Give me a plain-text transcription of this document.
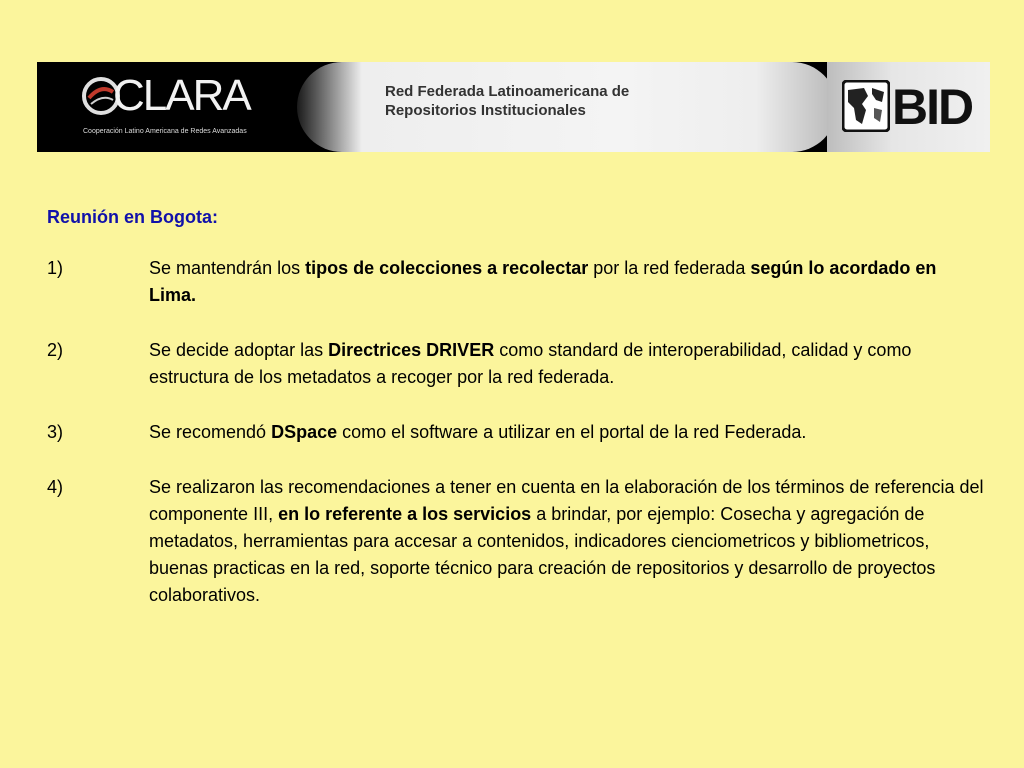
CLARA
Cooperación Latino Americana de Redes Avanzadas
Red Federada Latinoamericana de
Repositorios Institucionales	BID
Reunión en Bogota:
1)	Se mantendrán los tipos de colecciones a recolectar por la red federada según lo acordado en Lima.
2)	Se decide adoptar las Directrices DRIVER como standard de interoperabilidad, calidad y como estructura de los metadatos a recoger por la red federada.
3)	Se recomendó DSpace como el software a utilizar en el portal de la red Federada.
4)	Se realizaron las recomendaciones a tener en cuenta en la elaboración de los términos de referencia del componente III, en lo referente a los servicios a brindar, por ejemplo: Cosecha y agregación de metadatos, herramientas para accesar a contenidos, indicadores cienciometricos y bibliometricos, buenas practicas en la red, soporte técnico para creación de repositorios y desarrollo de proyectos colaborativos.
